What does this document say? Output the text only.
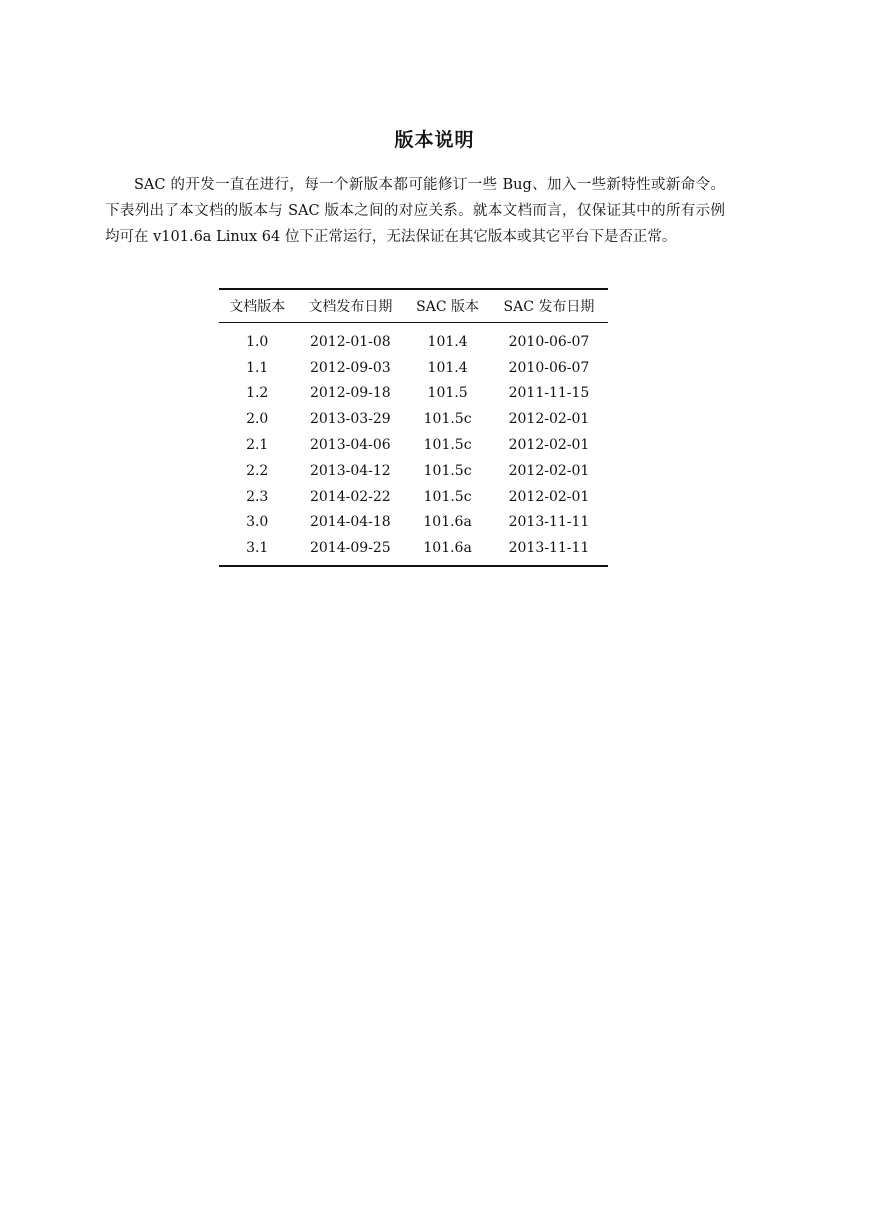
版本说明

SAC 的开发一直在进行，每一个新版本都可能修订一些 Bug、加入一些新特性或新命令。下表列出了本文档的版本与 SAC 版本之间的对应关系。就本文档而言，仅保证其中的所有示例均可在 v101.6a Linux 64 位下正常运行，无法保证在其它版本或其它平台下是否正常。

文档版本	文档发布日期	SAC 版本	SAC 发布日期
1.0	2012-01-08	101.4	2010-06-07
1.1	2012-09-03	101.4	2010-06-07
1.2	2012-09-18	101.5	2011-11-15
2.0	2013-03-29	101.5c	2012-02-01
2.1	2013-04-06	101.5c	2012-02-01
2.2	2013-04-12	101.5c	2012-02-01
2.3	2014-02-22	101.5c	2012-02-01
3.0	2014-04-18	101.6a	2013-11-11
3.1	2014-09-25	101.6a	2013-11-11
